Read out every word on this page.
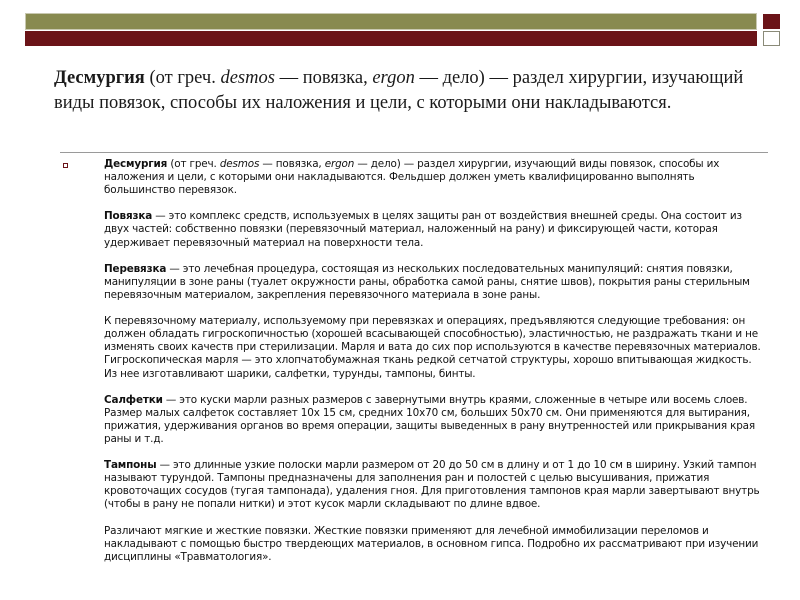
Десмургия (от греч. desmos — повязка, ergon — дело) — раздел хирургии, изучающий виды повязок, способы их наложения и цели, с которыми они накладываются.

Десмургия (от греч. desmos — повязка, ergon — дело) — раздел хирургии, изучающий виды повязок, способы их наложения и цели, с которыми они накладываются. Фельдшер должен уметь квалифицированно выполнять большинство перевязок.

Повязка — это комплекс средств, используемых в целях защиты ран от воздействия внешней среды. Она состоит из двух частей: собственно повязки (перевязочный материал, наложенный на рану) и фиксирующей части, которая удерживает перевязочный материал на поверхности тела.

Перевязка — это лечебная процедура, состоящая из нескольких последовательных манипуляций: снятия повязки, манипуляции в зоне раны (туалет окружности раны, обработка самой раны, снятие швов), покрытия раны стерильным перевязочным материалом, закрепления перевязочного материала в зоне раны.

К перевязочному материалу, используемому при перевязках и операциях, предъявляются следующие требования: он должен обладать гигроскопичностью (хорошей всасывающей способностью), эластичностью, не раздражать ткани и не изменять своих качеств при стерилизации. Марля и вата до сих пор используются в качестве перевязочных материалов. Гигроскопическая марля — это хлопчатобумажная ткань редкой сетчатой структуры, хорошо впитывающая жидкость. Из нее изготавливают шарики, салфетки, турунды, тампоны, бинты.

Салфетки — это куски марли разных размеров с завернутыми внутрь краями, сложенные в четыре или восемь слоев. Размер малых салфеток составляет 10х 15 см, средних 10х70 см, больших 50х70 см. Они применяются для вытирания, прижатия, удерживания органов во время операции, защиты выведенных в рану внутренностей или прикрывания края раны и т.д.

Тампоны — это длинные узкие полоски марли размером от 20 до 50 см в длину и от 1 до 10 см в ширину. Узкий тампон называют турундой. Тампоны предназначены для заполнения ран и полостей с целью высушивания, прижатия кровоточащих сосудов (тугая тампонада), удаления гноя. Для приготовления тампонов края марли завертывают внутрь (чтобы в рану не попали нитки) и этот кусок марли складывают по длине вдвое.

Различают мягкие и жесткие повязки. Жесткие повязки применяют для лечебной иммобилизации переломов и накладывают с помощью быстро твердеющих материалов, в основном гипса. Подробно их рассматривают при изучении дисциплины «Травматология».
